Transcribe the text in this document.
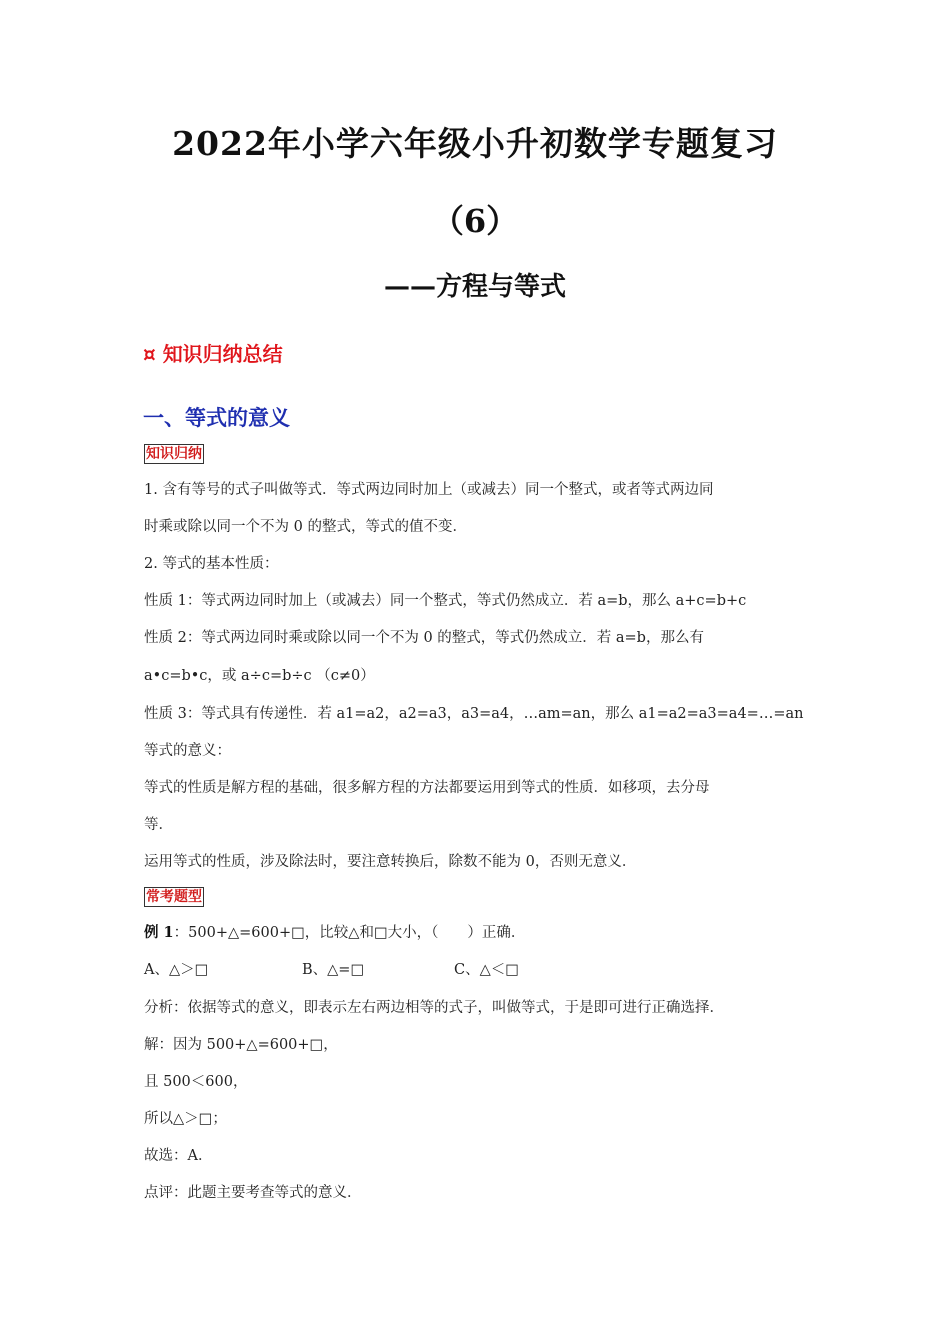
2022年小学六年级小升初数学专题复习
（6）
——方程与等式
¤ 知识归纳总结
一、等式的意义
知识归纳
1. 含有等号的式子叫做等式．等式两边同时加上（或减去）同一个整式，或者等式两边同
时乘或除以同一个不为 0 的整式，等式的值不变．
2. 等式的基本性质：
性质 1：等式两边同时加上（或减去）同一个整式，等式仍然成立．若 a=b，那么 a+c=b+c
性质 2：等式两边同时乘或除以同一个不为 0 的整式，等式仍然成立．若 a=b，那么有
a•c=b•c，或 a÷c=b÷c （c≠0）
性质 3：等式具有传递性．若 a1=a2，a2=a3，a3=a4，…am=an，那么 a1=a2=a3=a4=…=an
等式的意义：
等式的性质是解方程的基础，很多解方程的方法都要运用到等式的性质．如移项，去分母
等．
运用等式的性质，涉及除法时，要注意转换后，除数不能为 0，否则无意义．
常考题型
例 1：500+△=600+□，比较△和□大小，（　　）正确．
A、△＞□	B、△=□	C、△＜□
分析：依据等式的意义，即表示左右两边相等的式子，叫做等式，于是即可进行正确选择．
解：因为 500+△=600+□，
且 500＜600，
所以△＞□；
故选：A．
点评：此题主要考查等式的意义．
